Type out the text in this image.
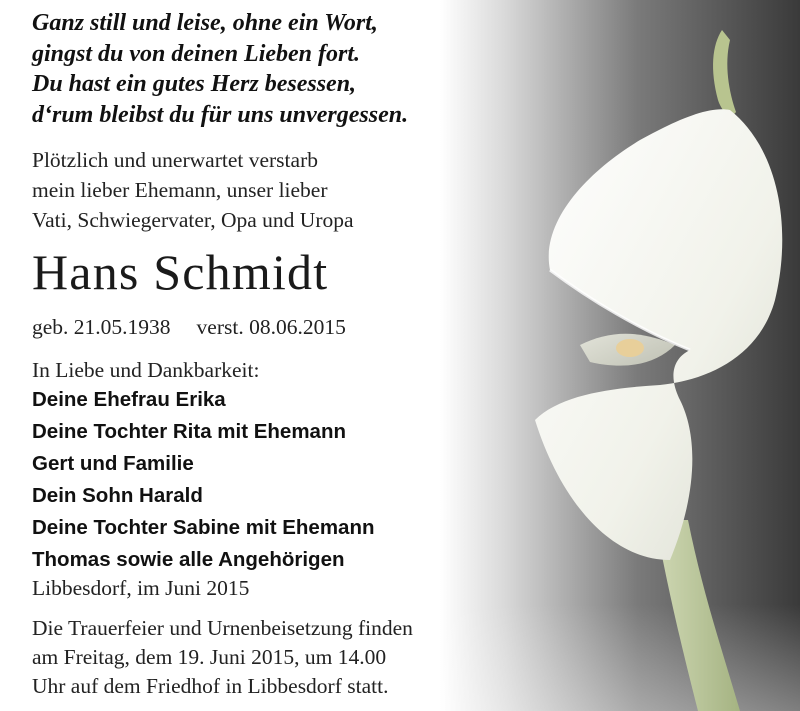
Ganz still und leise, ohne ein Wort,
gingst du von deinen Lieben fort.
Du hast ein gutes Herz besessen,
d‘rum bleibst du für uns unvergessen.
Plötzlich und unerwartet verstarb
mein lieber Ehemann, unser lieber
Vati, Schwiegervater, Opa und Uropa
Hans Schmidt
geb. 21.05.1938 verst. 08.06.2015
In Liebe und Dankbarkeit:
Deine Ehefrau Erika
Deine Tochter Rita mit Ehemann
Gert und Familie
Dein Sohn Harald
Deine Tochter Sabine mit Ehemann
Thomas sowie alle Angehörigen
Libbesdorf, im Juni 2015
Die Trauerfeier und Urnenbeisetzung finden
am Freitag, dem 19. Juni 2015, um 14.00
Uhr auf dem Friedhof in Libbesdorf statt.
